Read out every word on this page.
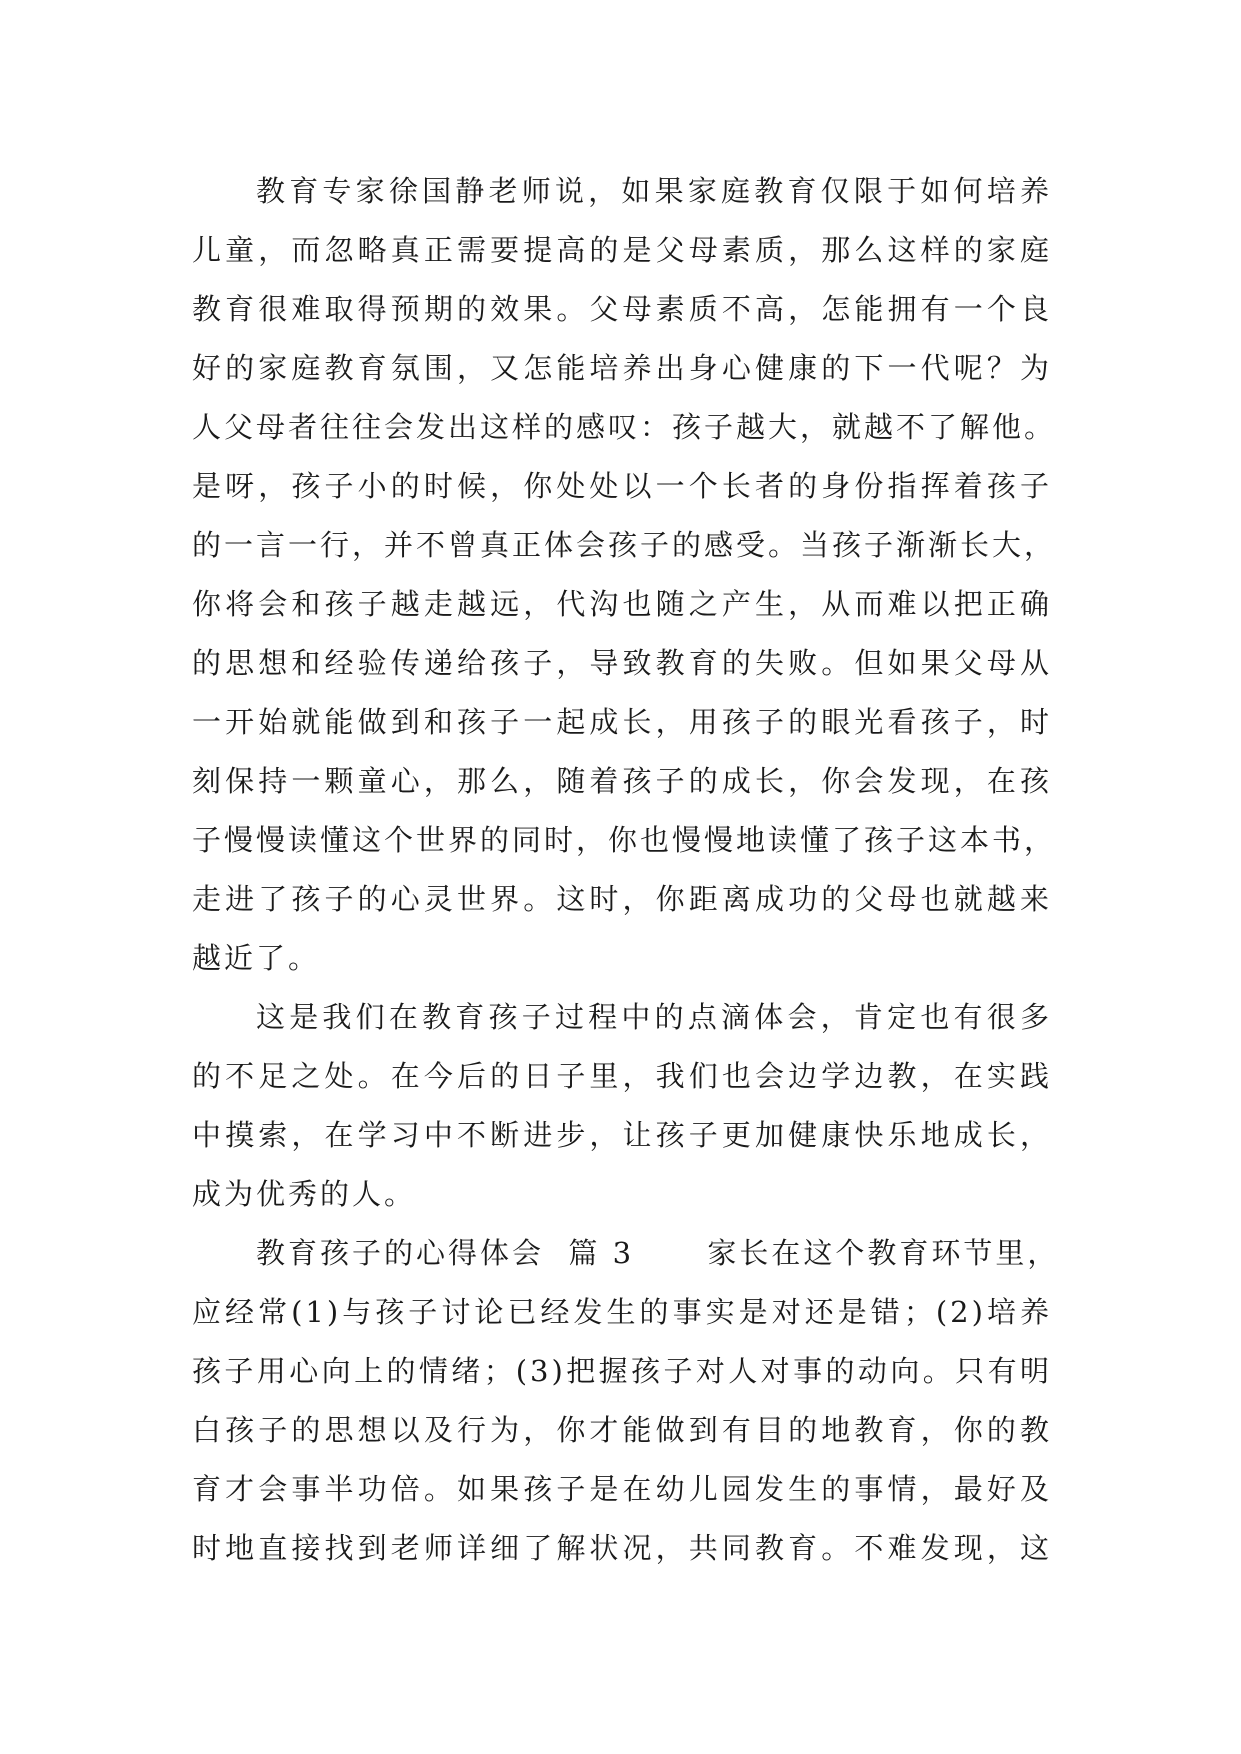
教育专家徐国静老师说，如果家庭教育仅限于如何培养
儿童，而忽略真正需要提高的是父母素质，那么这样的家庭
教育很难取得预期的效果。父母素质不高，怎能拥有一个良
好的家庭教育氛围，又怎能培养出身心健康的下一代呢？为
人父母者往往会发出这样的感叹：孩子越大，就越不了解他。
是呀，孩子小的时候，你处处以一个长者的身份指挥着孩子
的一言一行，并不曾真正体会孩子的感受。当孩子渐渐长大，
你将会和孩子越走越远，代沟也随之产生，从而难以把正确
的思想和经验传递给孩子，导致教育的失败。但如果父母从
一开始就能做到和孩子一起成长，用孩子的眼光看孩子，时
刻保持一颗童心，那么，随着孩子的成长，你会发现，在孩
子慢慢读懂这个世界的同时，你也慢慢地读懂了孩子这本书，
走进了孩子的心灵世界。这时，你距离成功的父母也就越来
越近了。
这是我们在教育孩子过程中的点滴体会，肯定也有很多
的不足之处。在今后的日子里，我们也会边学边教，在实践
中摸索，在学习中不断进步，让孩子更加健康快乐地成长，
成为优秀的人。
教育孩子的心得体会  篇 3      家长在这个教育环节里，
应经常(1)与孩子讨论已经发生的事实是对还是错；(2)培养
孩子用心向上的情绪；(3)把握孩子对人对事的动向。只有明
白孩子的思想以及行为，你才能做到有目的地教育，你的教
育才会事半功倍。如果孩子是在幼儿园发生的事情，最好及
时地直接找到老师详细了解状况，共同教育。不难发现，这
